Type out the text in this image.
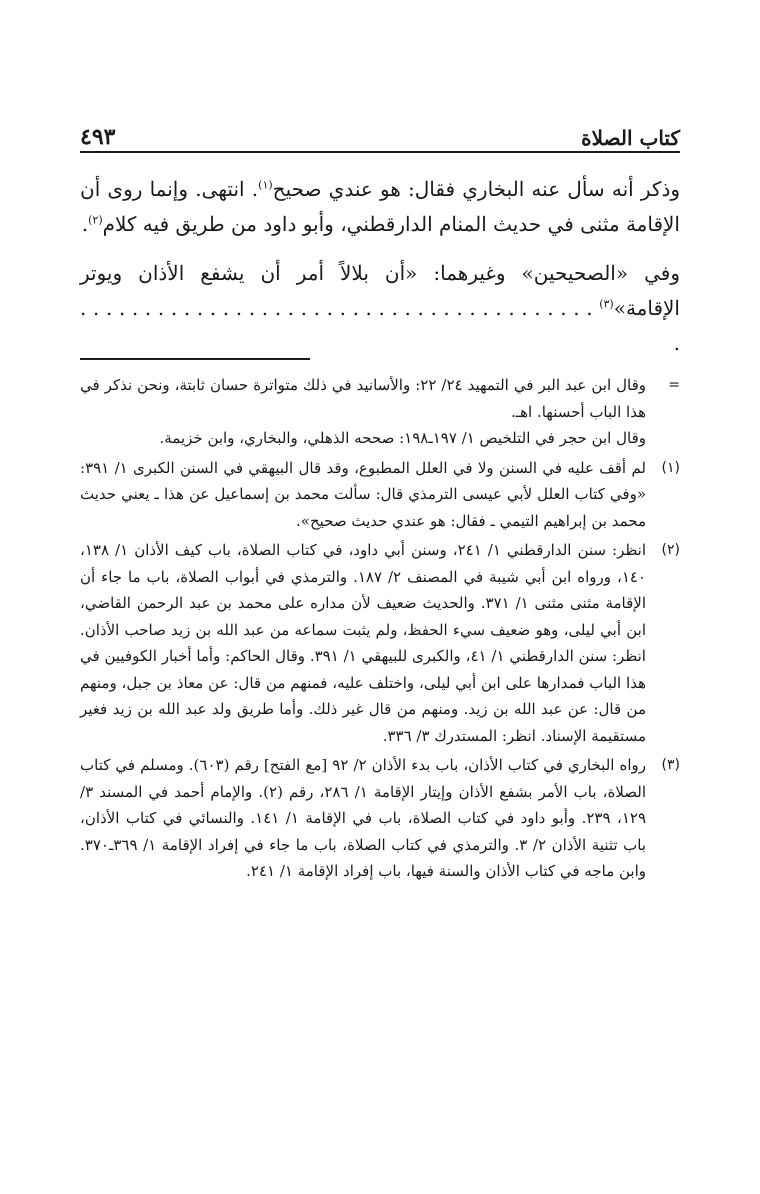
كتاب الصلاة
٤٩٣

وذكر أنه سأل عنه البخاري فقال: هو عندي صحيح$^{(١)}$. انتهى. وإنما روى أن الإقامة مثنى في حديث المنام الدارقطني، وأبو داود من طريق فيه كلام$^{(٢)}$.

وفي «الصحيحين» وغيرهما: «أن بلالاً أمر أن يشفع الأذان ويوتر الإقامة»$^{(٣)}$ . . .

=

وقال ابن عبد البر في التمهيد ٢٤/ ٢٢: والأسانيد في ذلك متواترة حسان ثابتة، ونحن نذكر في هذا الباب أحسنها. اهـ.

وقال ابن حجر في التلخيص ١/ ١٩٧ـ١٩٨: صححه الذهلي، والبخاري، وابن خزيمة.

(١)

لم أقف عليه في السنن ولا في العلل المطبوع، وقد قال البيهقي في السنن الكبرى ١/ ٣٩١: «وفي كتاب العلل لأبي عيسى الترمذي قال: سألت محمد بن إسماعيل عن هذا ـ يعني حديث محمد بن إبراهيم التيمي ـ فقال: هو عندي حديث صحيح».

(٢)

انظر: سنن الدارقطني ١/ ٢٤١، وسنن أبي داود، في كتاب الصلاة، باب كيف الأذان ١/ ١٣٨، ١٤٠، ورواه ابن أبي شيبة في المصنف ٢/ ١٨٧. والترمذي في أبواب الصلاة، باب ما جاء أن الإقامة مثنى مثنى ١/ ٣٧١. والحديث ضعيف لأن مداره على محمد بن عبد الرحمن القاضي، ابن أبي ليلى، وهو ضعيف سيء الحفظ، ولم يثبت سماعه من عبد الله بن زيد صاحب الأذان. انظر: سنن الدارقطني ١/ ٤١، والكبرى للبيهقي ١/ ٣٩١. وقال الحاكم: وأما أخبار الكوفيين في هذا الباب فمدارها على ابن أبي ليلى، واختلف عليه، فمنهم من قال: عن معاذ بن جبل، ومنهم من قال: عن عبد الله بن زيد. ومنهم من قال غير ذلك. وأما طريق ولد عبد الله بن زيد فغير مستقيمة الإسناد. انظر: المستدرك ٣/ ٣٣٦.

(٣)

رواه البخاري في كتاب الأذان، باب بدء الأذان ٢/ ٩٢ [مع الفتح] رقم (٦٠٣). ومسلم في كتاب الصلاة، باب الأمر بشفع الأذان وإيتار الإقامة ١/ ٢٨٦، رقم (٢). والإمام أحمد في المسند ٣/ ١٢٩، ٢٣٩. وأبو داود في كتاب الصلاة، باب في الإقامة ١/ ١٤١. والنسائي في كتاب الأذان، باب تثنية الأذان ٢/ ٣. والترمذي في كتاب الصلاة، باب ما جاء في إفراد الإقامة ١/ ٣٦٩ـ٣٧٠. وابن ماجه في كتاب الأذان والسنة فيها، باب إفراد الإقامة ١/ ٢٤١.
